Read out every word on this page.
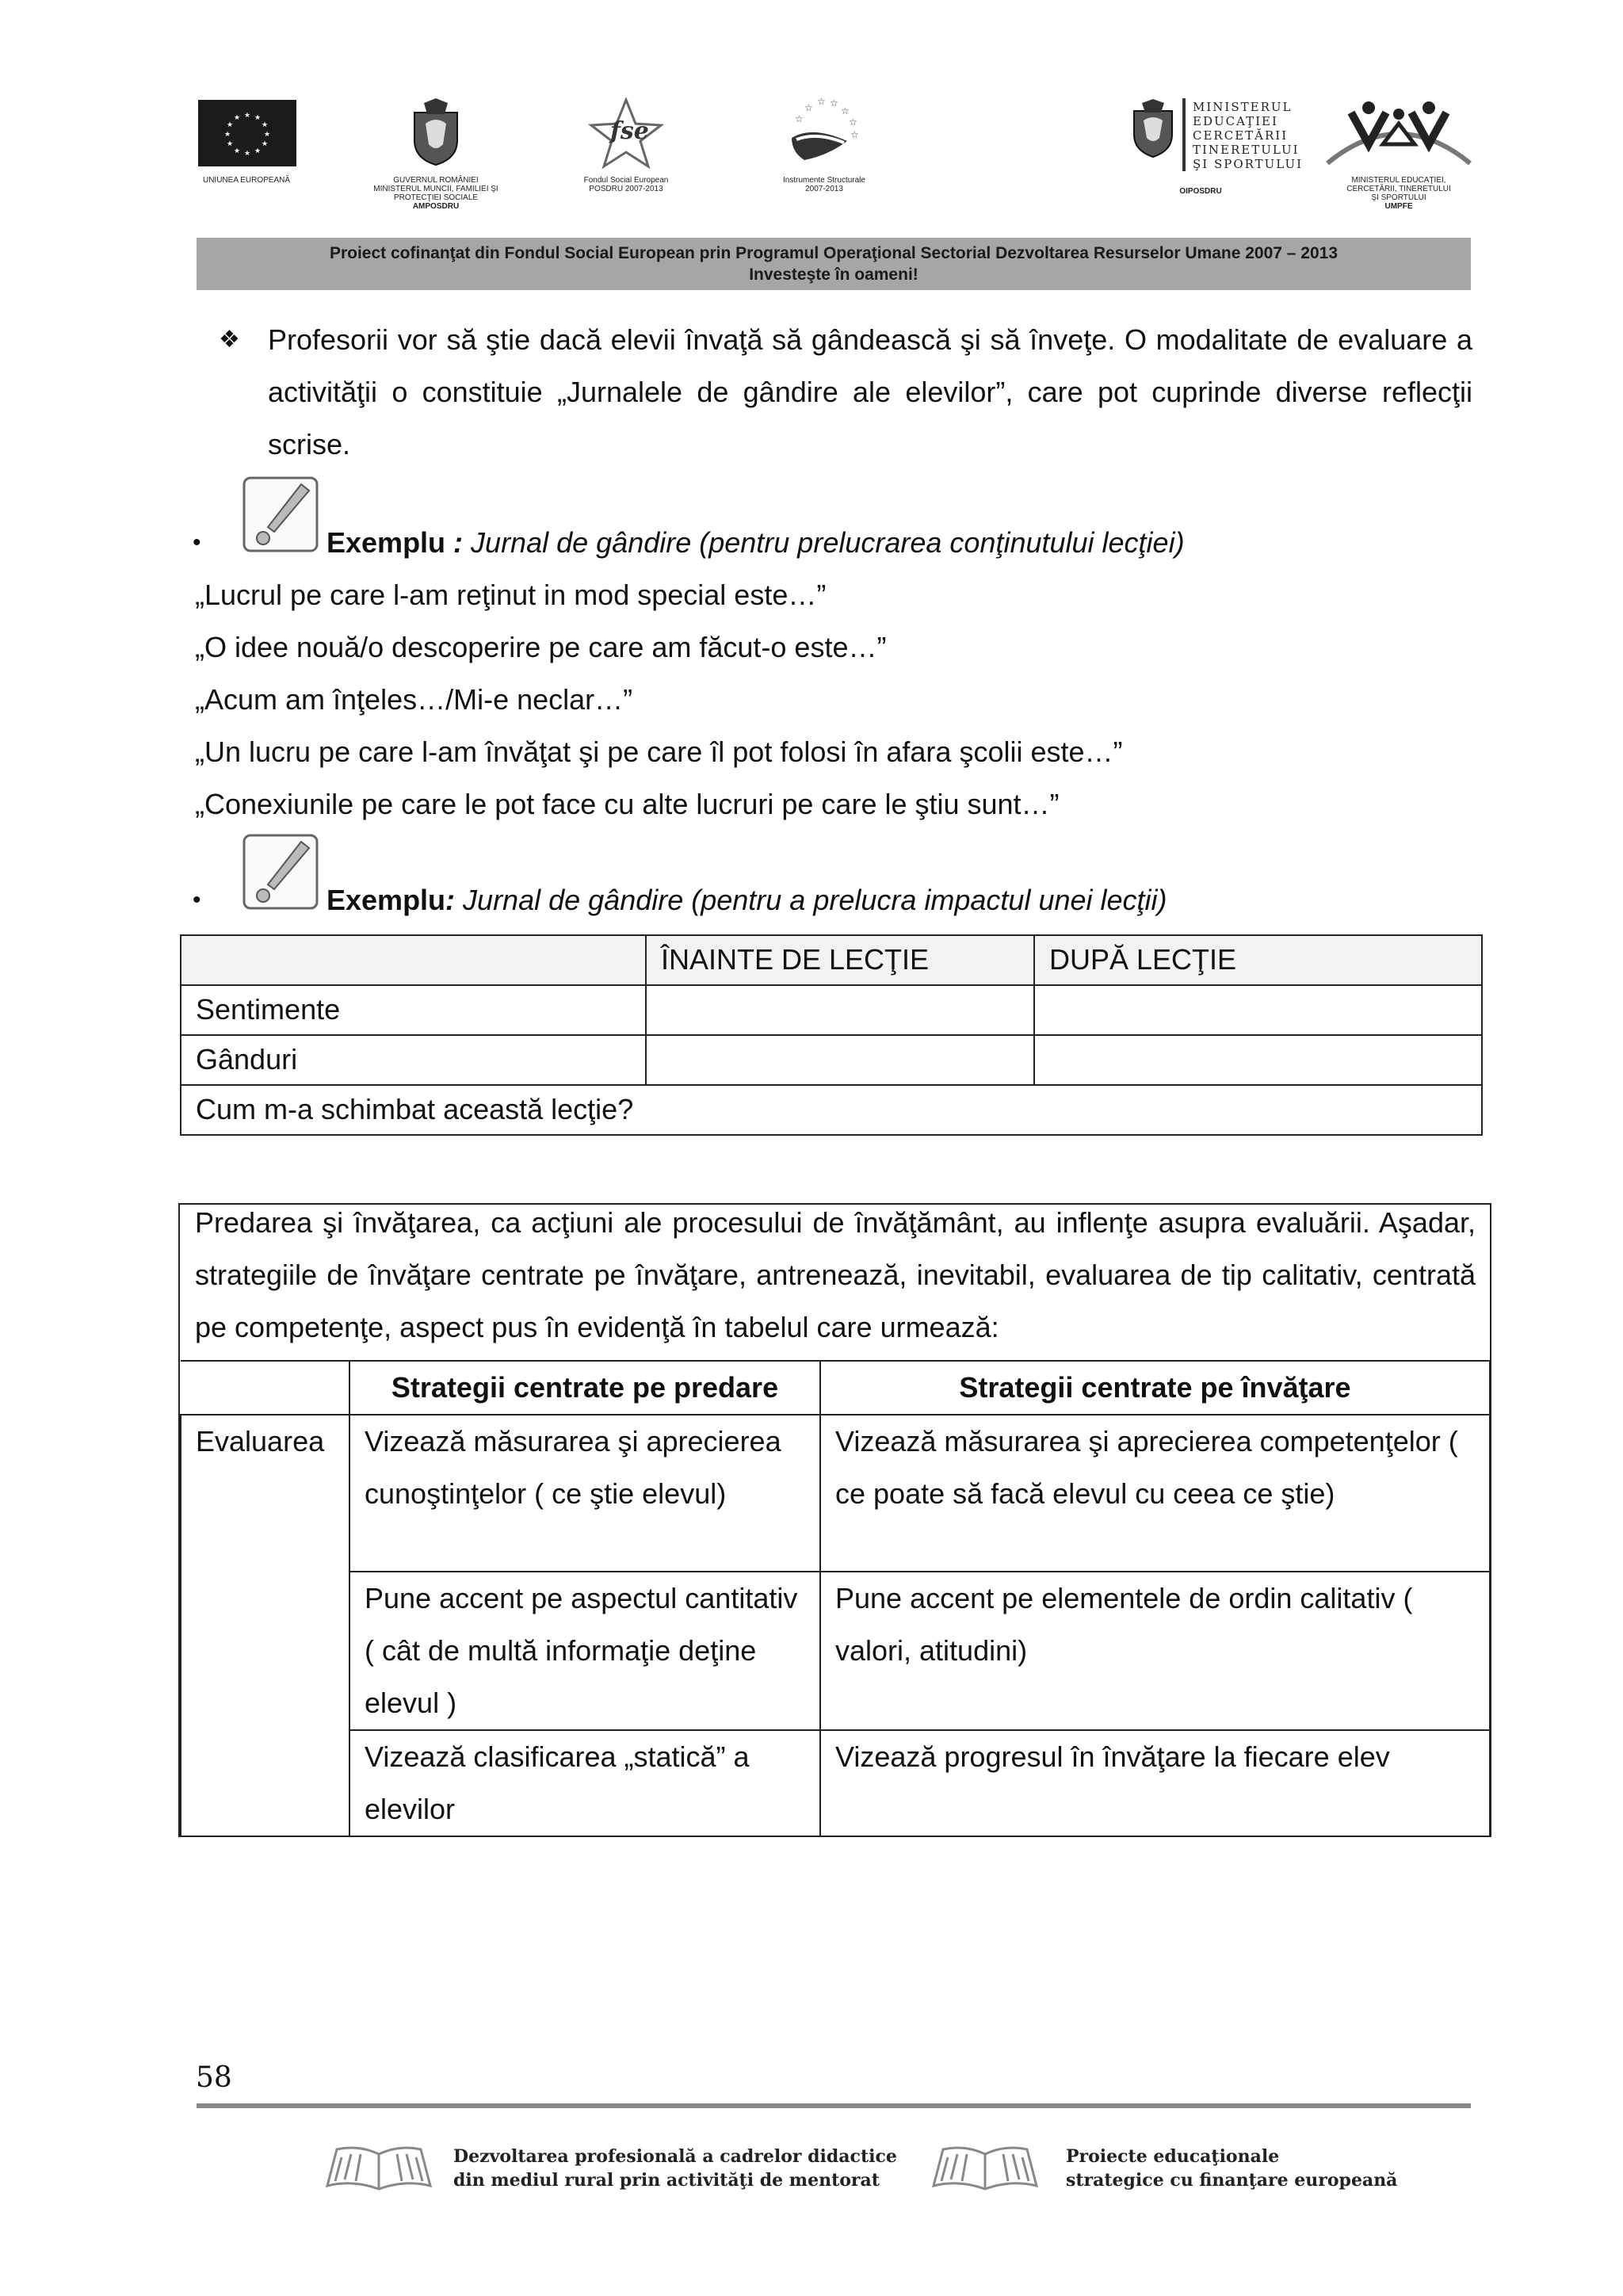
★ ★
★
★
★
★
★
★
★
★
★
★
UNIUNEA EUROPEANĂ	GUVERNUL ROMÂNIEI
MINISTERUL MUNCII, FAMILIEI ŞI
PROTECŢIEI SOCIALE
AMPOSDRU
fse
Fondul Social European
POSDRU 2007-2013
☆
☆ ☆
☆
☆
☆
☆
Instrumente Structurale
2007-2013
MINISTERUL
EDUCAŢIEI
CERCETĂRII
TINERETULUI
ŞI SPORTULUI
OIPOSDRU
MINISTERUL EDUCAŢIEI,
CERCETĂRII, TINERETULUI
ŞI SPORTULUI
UMPFE
Proiect cofinanţat din Fondul Social European prin Programul Operaţional Sectorial Dezvoltarea Resurselor Umane 2007 – 2013
Investeşte în oameni!
❖ Profesorii vor să ştie dacă elevii învaţă să gândească şi să înveţe. O modalitate de evaluare a activităţii o constituie „Jurnalele de gândire ale elevilor”, care pot cuprinde diverse reflecţii scrise.
•	Exemplu : Jurnal de gândire (pentru prelucrarea conţinutului lecţiei)
„Lucrul pe care l-am reţinut in mod special este…”
„O idee nouă/o descoperire pe care am făcut-o este…”
„Acum am înţeles…/Mi-e neclar…”
„Un lucru pe care l-am învăţat şi pe care îl pot folosi în afara şcolii este…”
„Conexiunile pe care le pot face cu alte lucruri pe care le ştiu sunt…”
•	Exemplu: Jurnal de gândire (pentru a prelucra impactul unei lecţii)
	ÎNAINTE DE LECŢIE	DUPĂ LECŢIE
Sentimente		
Gânduri		
Cum m-a schimbat această lecţie?		
Predarea şi învăţarea, ca acţiuni ale procesului de învăţământ, au inflenţe asupra evaluării. Aşadar, strategiile de învăţare centrate pe învăţare, antrenează, inevitabil, evaluarea de tip calitativ, centrată pe competenţe, aspect pus în evidenţă în tabelul care urmează:
	Strategii centrate pe predare	Strategii centrate pe învăţare
Evaluarea	Vizează măsurarea şi aprecierea cunoştinţelor ( ce ştie elevul)	Vizează măsurarea şi aprecierea competenţelor ( ce poate să facă elevul cu ceea ce ştie)
	Pune accent pe aspectul cantitativ ( cât de multă informaţie deţine elevul )	Pune accent pe elementele de ordin calitativ ( valori, atitudini)
	Vizează clasificarea „statică” a elevilor	Vizează progresul în învăţare la fiecare elev
58
Dezvoltarea profesională a cadrelor didactice
din mediul rural prin activităţi de mentorat
Proiecte educaţionale
strategice cu finanţare europeană
